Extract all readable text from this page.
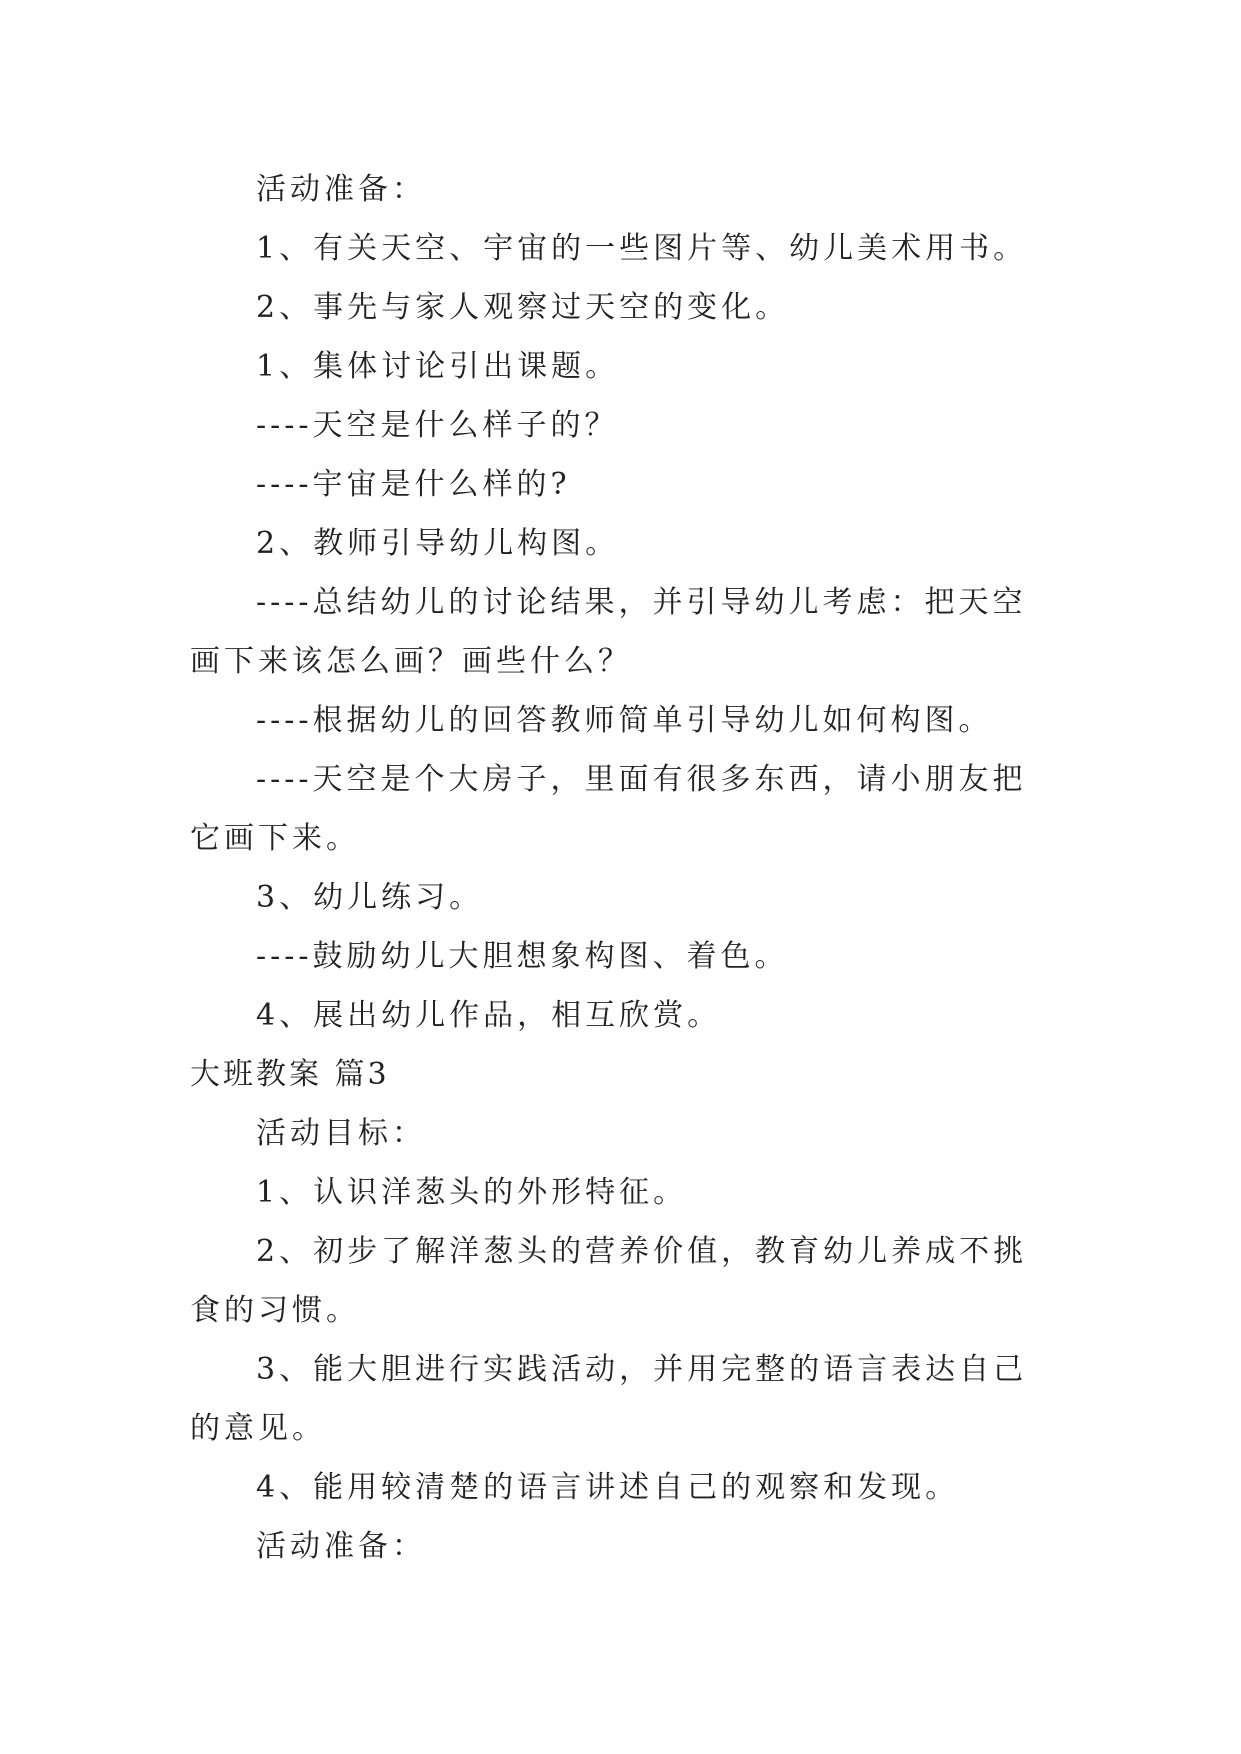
活动准备：

1、有关天空、宇宙的一些图片等、幼儿美术用书。

2、事先与家人观察过天空的变化。

1、集体讨论引出课题。

----天空是什么样子的？

----宇宙是什么样的?

2、教师引导幼儿构图。

----总结幼儿的讨论结果，并引导幼儿考虑：把天空画下来该怎么画？画些什么？

----根据幼儿的回答教师简单引导幼儿如何构图。

----天空是个大房子，里面有很多东西，请小朋友把它画下来。

3、幼儿练习。

----鼓励幼儿大胆想象构图、着色。

4、展出幼儿作品，相互欣赏。

大班教案 篇3

活动目标：

1、认识洋葱头的外形特征。

2、初步了解洋葱头的营养价值，教育幼儿养成不挑食的习惯。

3、能大胆进行实践活动，并用完整的语言表达自己的意见。

4、能用较清楚的语言讲述自己的观察和发现。

活动准备：
